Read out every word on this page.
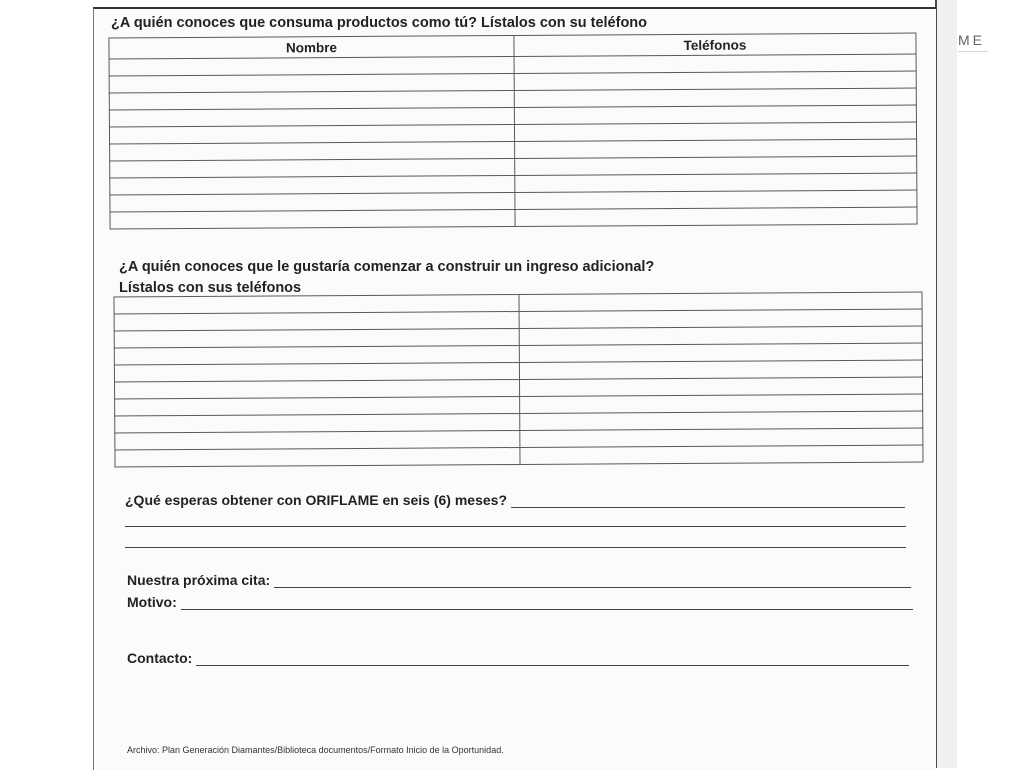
ME
¿A quién conoces que consuma productos como tú? Lístalos con su teléfono
Nombre	Teléfonos

¿A quién conoces que le gustaría comenzar a construir un ingreso adicional?
Lístalos con sus teléfonos

¿Qué esperas obtener con ORIFLAME en seis (6) meses?
Nuestra próxima cita:
Motivo:
Contacto:
Archivo: Plan Generación Diamantes/Biblioteca documentos/Formato Inicio de la Oportunidad.
